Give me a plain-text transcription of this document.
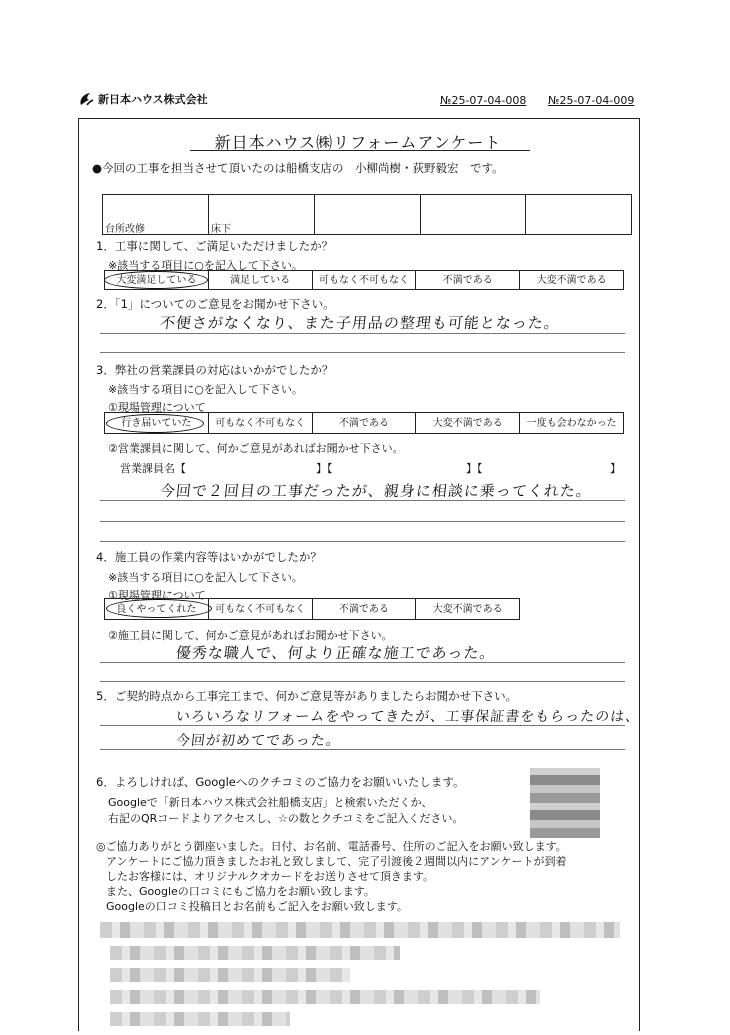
新日本ハウス株式会社	№25-07-04-008 №25-07-04-009
新日本ハウス㈱リフォームアンケート
●今回の工事を担当させて頂いたのは船橋支店の　小柳尚樹・荻野毅宏　です。
台所改修	床下			
1．工事に関して、ご満足いただけましたか？
※該当する項目に○を記入して下さい。
大変満足している	満足している	可もなく不可もなく	不満である	大変不満である
2．「1」についてのご意見をお聞かせ下さい。
不便さがなくなり、また子用品の整理も可能となった。
3．弊社の営業課員の対応はいかがでしたか？
※該当する項目に○を記入して下さい。
①現場管理について
行き届いていた	可もなく不可もなく	不満である	大変不満である	一度も会わなかった
②営業課員に関して、何かご意見があればお聞かせ下さい。
営業課員名【	】【	】【	】
今回で２回目の工事だったが、親身に相談に乗ってくれた。
4．施工員の作業内容等はいかがでしたか？
※該当する項目に○を記入して下さい。
①現場管理について
良くやってくれた	可もなく不可もなく	不満である	大変不満である
②施工員に関して、何かご意見があればお聞かせ下さい。
優秀な職人で、何より正確な施工であった。
5．ご契約時点から工事完工まで、何かご意見等がありましたらお聞かせ下さい。
いろいろなリフォームをやってきたが、工事保証書をもらったのは、
今回が初めてであった。
6．よろしければ、Googleへのクチコミのご協力をお願いいたします。
Googleで「新日本ハウス株式会社船橋支店」と検索いただくか、
右記のQRコードよりアクセスし、☆の数とクチコミをご記入ください。
◎ご協力ありがとう御座いました。日付、お名前、電話番号、住所のご記入をお願い致します。
アンケートにご協力頂きましたお礼と致しまして、完了引渡後２週間以内にアンケートが到着
したお客様には、オリジナルクオカードをお送りさせて頂きます。
また、Googleの口コミにもご協力をお願い致します。
Googleの口コミ投稿日とお名前もご記入をお願い致します。
